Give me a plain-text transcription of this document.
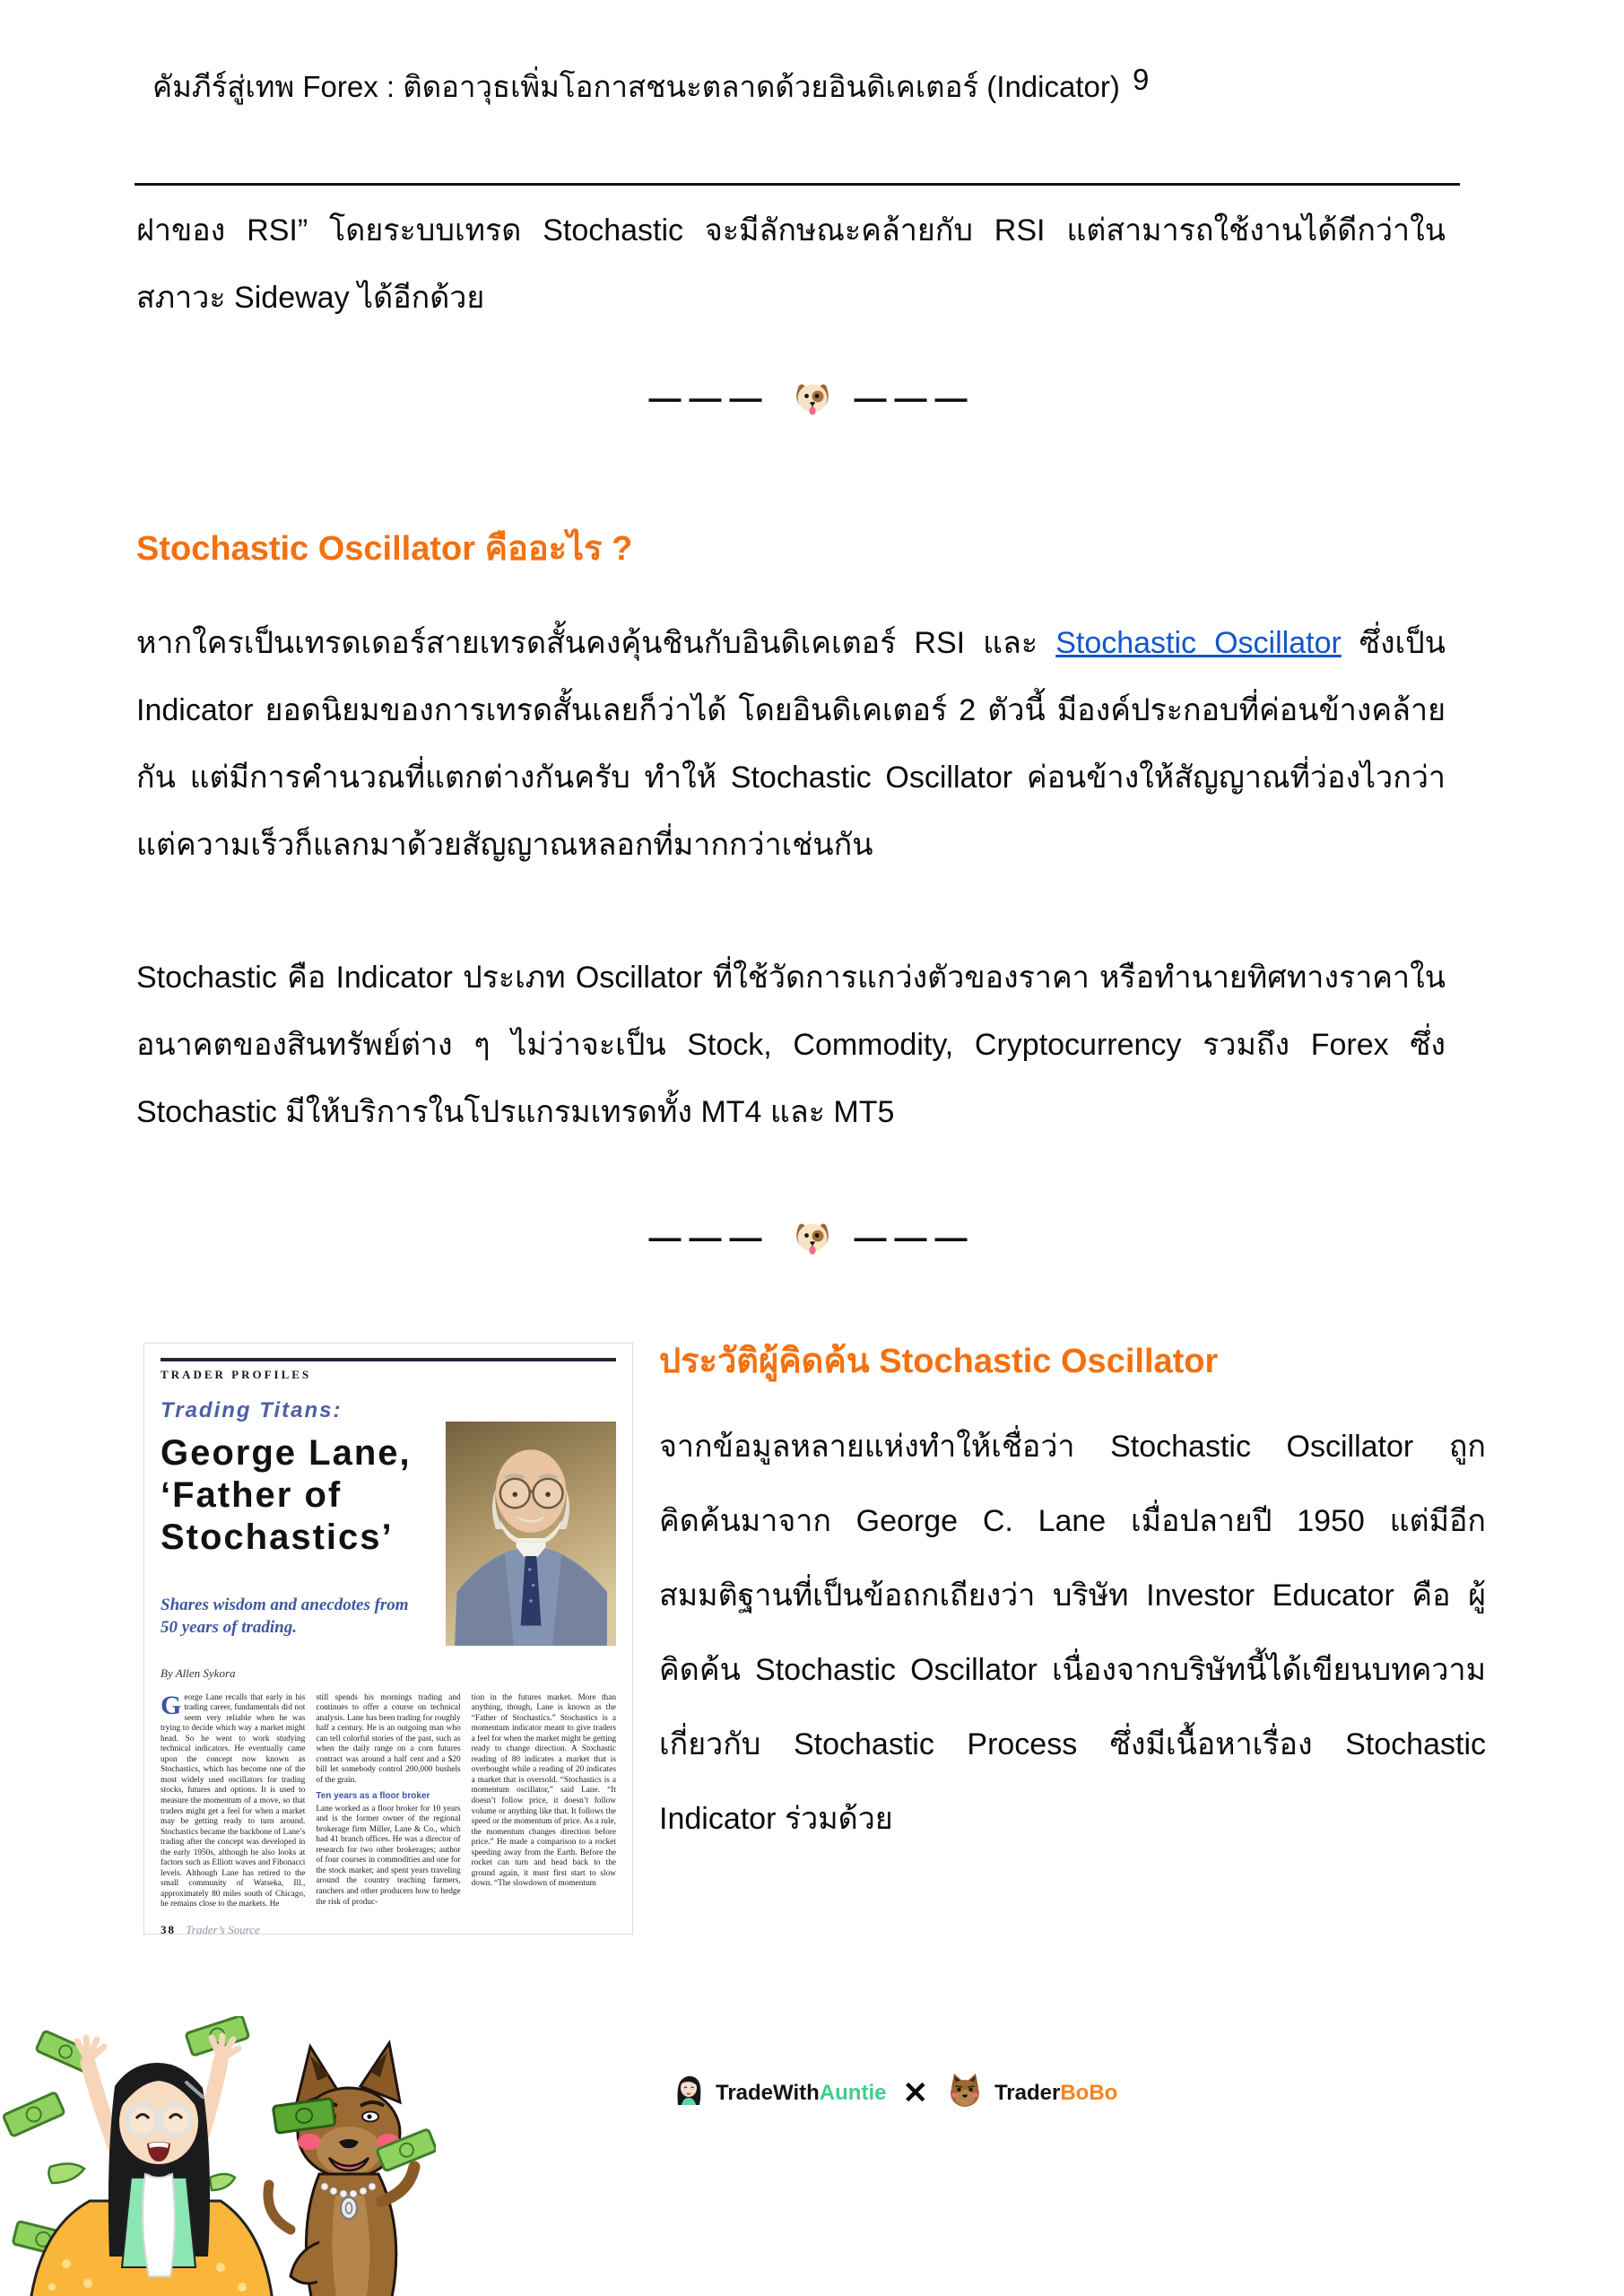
คัมภีร์สู่เทพ Forex : ติดอาวุธเพิ่มโอกาสชนะตลาดด้วยอินดิเคเตอร์ (Indicator) 9

ฝาของ RSI” โดยระบบเทรด Stochastic จะมีลักษณะคล้ายกับ RSI แต่สามารถใช้งานได้ดีกว่าใน สภาวะ Sideway ได้อีกด้วย

———	———
Stochastic Oscillator คืออะไร ?

หากใครเป็นเทรดเดอร์สายเทรดสั้นคงคุ้นชินกับอินดิเคเตอร์ RSI และ Stochastic Oscillator ซึ่งเป็น Indicator ยอดนิยมของการเทรดสั้นเลยก็ว่าได้ โดยอินดิเคเตอร์ 2 ตัวนี้ มีองค์ประกอบที่ค่อนข้างคล้ายกัน แต่มีการคำนวณที่แตกต่างกันครับ ทำให้ Stochastic Oscillator ค่อนข้างให้สัญญาณที่ว่องไวกว่า แต่ความเร็วก็แลกมาด้วยสัญญาณหลอกที่มากกว่าเช่นกัน

Stochastic คือ Indicator ประเภท Oscillator ที่ใช้วัดการแกว่งตัวของราคา หรือทำนายทิศทางราคาในอนาคตของสินทรัพย์ต่าง ๆ ไม่ว่าจะเป็น Stock, Commodity, Cryptocurrency รวมถึง Forex ซึ่ง Stochastic มีให้บริการในโปรแกรมเทรดทั้ง MT4 และ MT5

———	———
TRADER PROFILES
Trading Titans:
George Lane, ‘Father of Stochastics’
Shares wisdom and anecdotes from 50 years of trading.
By Allen Sykora
George Lane recalls that early in his trading career, fundamentals did not seem very reliable when he was trying to decide which way a market might head. So he went to work studying technical indicators. He eventually came upon the concept now known as Stochastics, which has become one of the most widely used oscillators for trading stocks, futures and options. It is used to measure the momentum of a move, so that traders might get a feel for when a market may be getting ready to turn around. Stochastics became the backbone of Lane’s trading after the concept was developed in the early 1950s, although he also looks at factors such as Elliott waves and Fibonacci levels. Although Lane has retired to the small community of Watseka, Ill., approximately 80 miles south of Chicago, he remains close to the markets. He
still spends his mornings trading and continues to offer a course on technical analysis. Lane has been trading for roughly half a century. He is an outgoing man who can tell colorful stories of the past, such as when the daily range on a corn futures contract was around a half cent and a $20 bill let somebody control 200,000 bushels of the grain.
Ten years as a floor broker
Lane worked as a floor broker for 10 years and is the former owner of the regional brokerage firm Miller, Lane & Co., which had 41 branch offices. He was a director of research for two other brokerages; author of four courses in commodities and one for the stock market; and spent years traveling around the country teaching farmers, ranchers and other producers how to hedge the risk of produc-
tion in the futures market. More than anything, though, Lane is known as the “Father of Stochastics.” Stochastics is a momentum indicator meant to give traders a feel for when the market might be getting ready to change direction. A Stochastic reading of 80 indicates a market that is overbought while a reading of 20 indicates a market that is oversold. “Stochastics is a momentum oscillator,” said Lane. “It doesn’t follow price, it doesn’t follow volume or anything like that. It follows the speed or the momentum of price. As a rule, the momentum changes direction before price.” He made a comparison to a rocket speeding away from the Earth. Before the rocket can turn and head back to the ground again, it must first start to slow down. “The slowdown of momentum
38 Trader’s Source
ประวัติผู้คิดค้น Stochastic Oscillator

จากข้อมูลหลายแห่งทำให้เชื่อว่า Stochastic Oscillator ถูกคิดค้นมาจาก George C. Lane เมื่อปลายปี 1950 แต่มีอีกสมมติฐานที่เป็นข้อถกเถียงว่า บริษัท Investor Educator คือ ผู้คิดค้น Stochastic Oscillator เนื่องจากบริษัทนี้ได้เขียนบทความเกี่ยวกับ Stochastic Process ซึ่งมีเนื้อหาเรื่อง Stochastic Indicator ร่วมด้วย

TradeWithAuntie ✕	TraderBoBo
